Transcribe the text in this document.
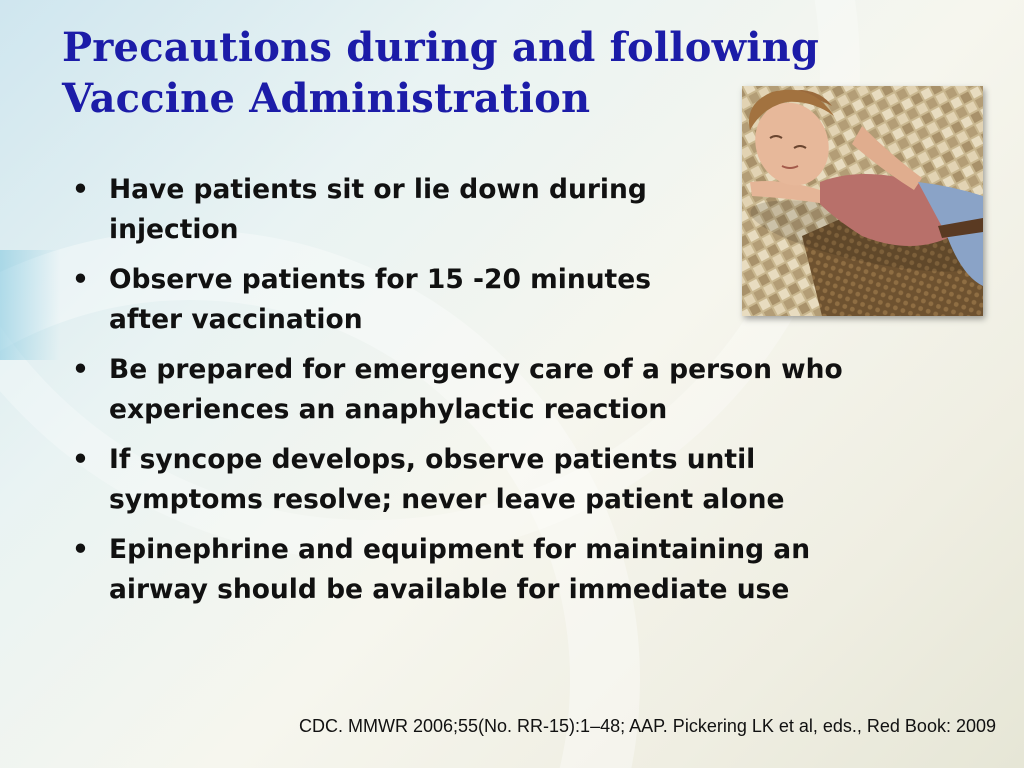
Precautions during and following
Vaccine Administration
• Have patients sit or lie down during injection
• Observe patients for 15 -20 minutes after vaccination
• Be prepared for emergency care of a person who experiences an anaphylactic reaction
• If syncope develops, observe patients until symptoms resolve; never leave patient alone
• Epinephrine and equipment for maintaining an airway should be available for immediate use

CDC. MMWR 2006;55(No. RR-15):1–48; AAP. Pickering LK et al, eds., Red Book: 2009
